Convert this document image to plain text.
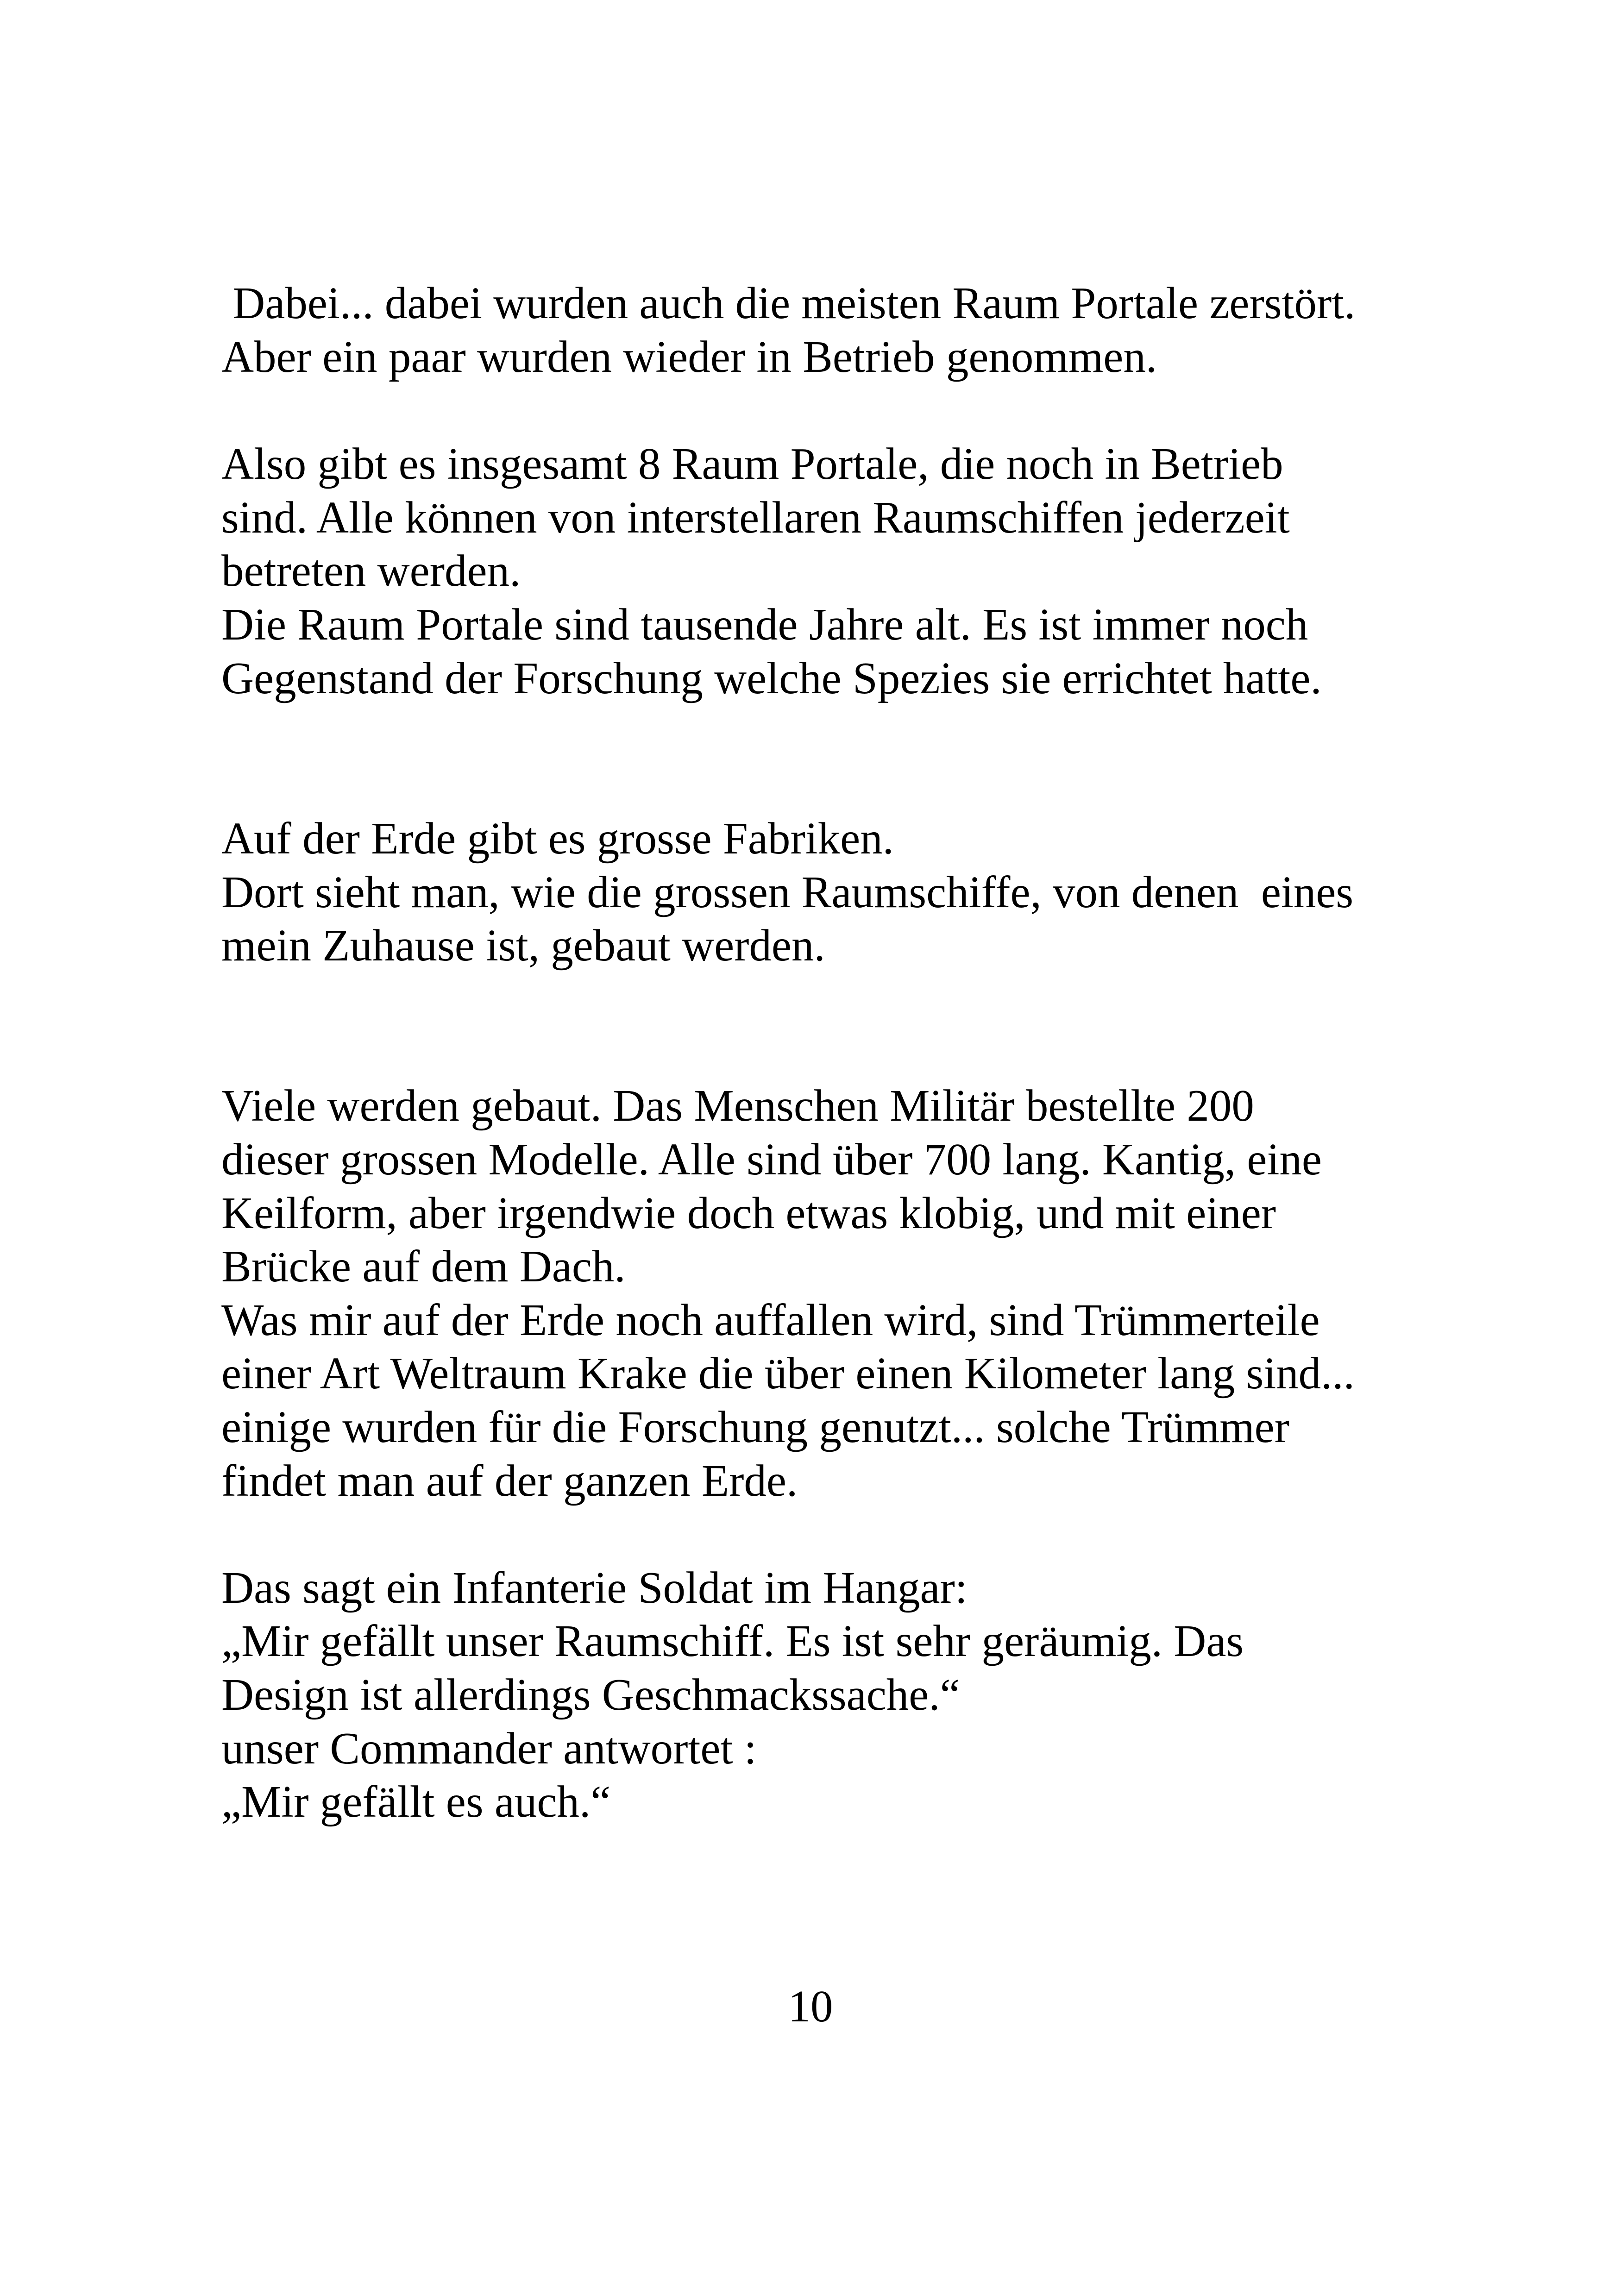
Dabei... dabei wurden auch die meisten Raum Portale zerstört.

Aber ein paar wurden wieder in Betrieb genommen.

Also gibt es insgesamt 8 Raum Portale, die noch in Betrieb

sind. Alle können von interstellaren Raumschiffen jederzeit

betreten werden.

Die Raum Portale sind tausende Jahre alt. Es ist immer noch

Gegenstand der Forschung welche Spezies sie errichtet hatte.

Auf der Erde gibt es grosse Fabriken.

Dort sieht man, wie die grossen Raumschiffe, von denen  eines

mein Zuhause ist, gebaut werden.

Viele werden gebaut. Das Menschen Militär bestellte 200

dieser grossen Modelle. Alle sind über 700 lang. Kantig, eine

Keilform, aber irgendwie doch etwas klobig, und mit einer

Brücke auf dem Dach.

Was mir auf der Erde noch auffallen wird, sind Trümmerteile

einer Art Weltraum Krake die über einen Kilometer lang sind...

einige wurden für die Forschung genutzt... solche Trümmer

findet man auf der ganzen Erde.

Das sagt ein Infanterie Soldat im Hangar:

„Mir gefällt unser Raumschiff. Es ist sehr geräumig. Das

Design ist allerdings Geschmackssache.“

unser Commander antwortet :

„Mir gefällt es auch.“

10
